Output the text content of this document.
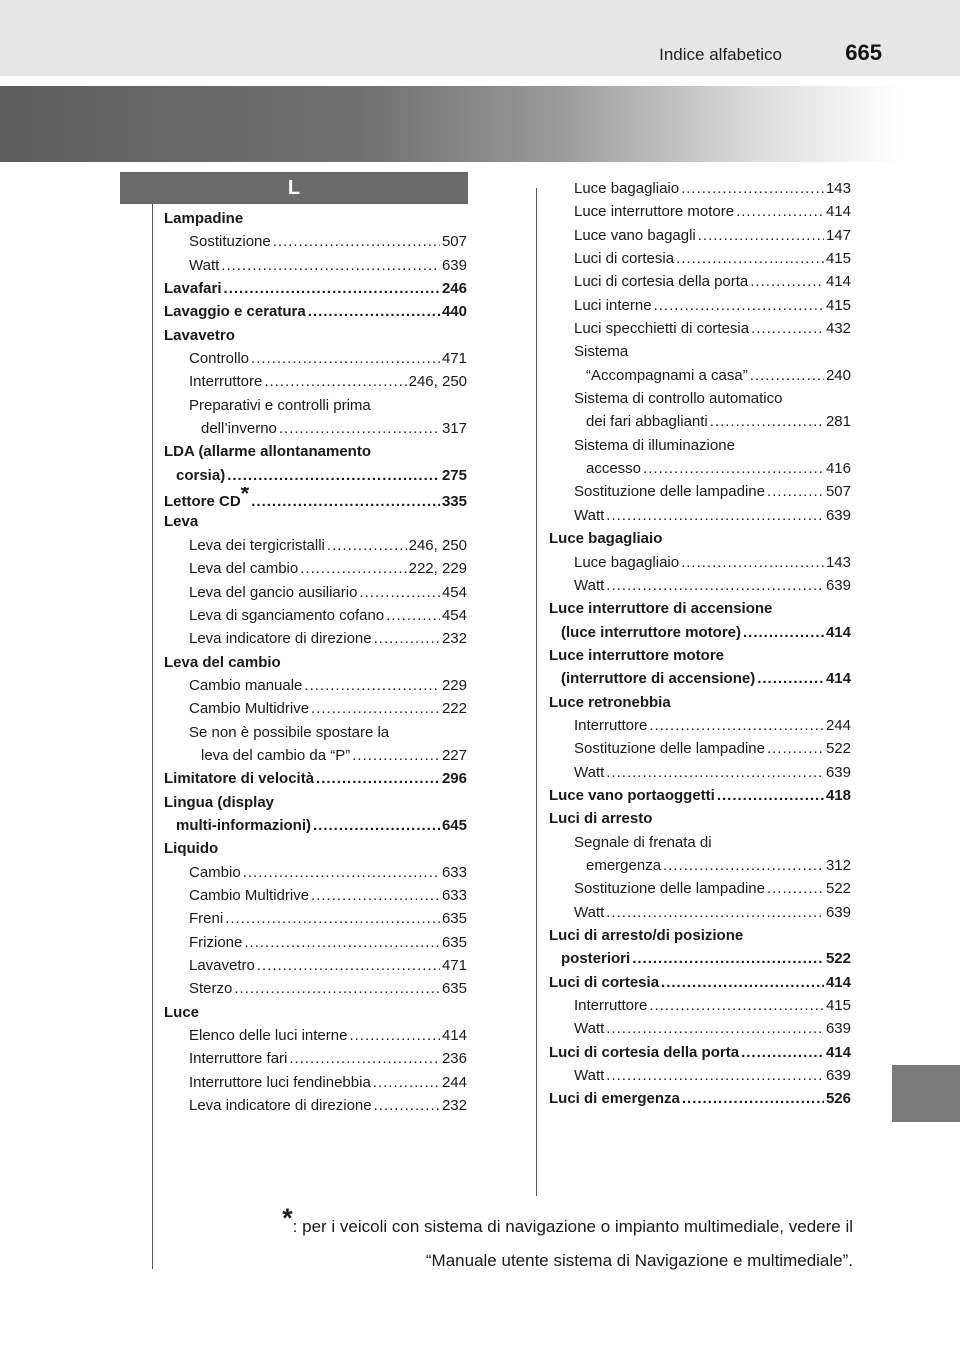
Indice alfabetico	665
L
Lampadine
Sostituzione .....	507
Watt .....	639
Lavafari .....	246
Lavaggio e ceratura .....	440
Lavavetro
Controllo .....	471
Interruttore .....	246, 250
Preparativi e controlli prima
dell’inverno .....	317
LDA (allarme allontanamento
corsia) .....	275
Lettore CD * .....	335
Leva
Leva dei tergicristalli .....	246, 250
Leva del cambio .....	222, 229
Leva del gancio ausiliario .....	454
Leva di sganciamento cofano .....	454
Leva indicatore di direzione .....	232
Leva del cambio
Cambio manuale .....	229
Cambio Multidrive .....	222
Se non è possibile spostare la
leva del cambio da “P” .....	227
Limitatore di velocità .....	296
Lingua (display
multi-informazioni) .....	645
Liquido
Cambio .....	633
Cambio Multidrive .....	633
Freni .....	635
Frizione .....	635
Lavavetro .....	471
Sterzo .....	635
Luce
Elenco delle luci interne .....	414
Interruttore fari .....	236
Interruttore luci fendinebbia .....	244
Leva indicatore di direzione .....	232
Luce bagagliaio .....	143
Luce interruttore motore .....	414
Luce vano bagagli .....	147
Luci di cortesia .....	415
Luci di cortesia della porta .....	414
Luci interne .....	415
Luci specchietti di cortesia .....	432
Sistema
“Accompagnami a casa” .....	240
Sistema di controllo automatico
dei fari abbaglianti .....	281
Sistema di illuminazione
accesso .....	416
Sostituzione delle lampadine .....	507
Watt .....	639
Luce bagagliaio
Luce bagagliaio .....	143
Watt .....	639
Luce interruttore di accensione
(luce interruttore motore) .....	414
Luce interruttore motore
(interruttore di accensione) .....	414
Luce retronebbia
Interruttore .....	244
Sostituzione delle lampadine .....	522
Watt .....	639
Luce vano portaoggetti .....	418
Luci di arresto
Segnale di frenata di
emergenza .....	312
Sostituzione delle lampadine .....	522
Watt .....	639
Luci di arresto/di posizione
posteriori .....	522
Luci di cortesia .....	414
Interruttore .....	415
Watt .....	639
Luci di cortesia della porta .....	414
Watt .....	639
Luci di emergenza .....	526
*: per i veicoli con sistema di navigazione o impianto multimediale, vedere il
“Manuale utente sistema di Navigazione e multimediale”.
